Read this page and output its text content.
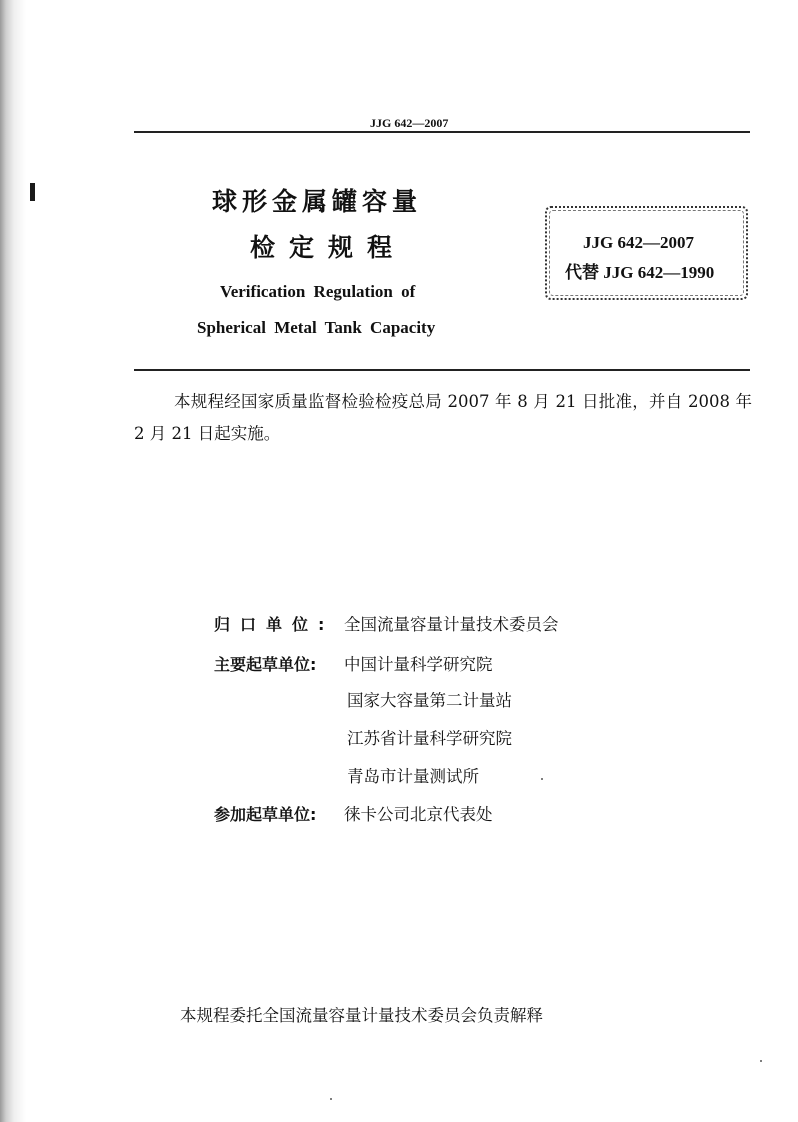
JJG 642—2007
球形金属罐容量
检定规程
Verification Regulation of
Spherical Metal Tank Capacity
JJG 642—2007
代替 JJG 642—1990
本规程经国家质量监督检验检疫总局 2007 年 8 月 21 日批准，并自 2008 年 2 月 21 日起实施。
归口单位: 全国流量容量计量技术委员会
主要起草单位: 中国计量科学研究院
国家大容量第二计量站
江苏省计量科学研究院
青岛市计量测试所
参加起草单位: 徕卡公司北京代表处
本规程委托全国流量容量计量技术委员会负责解释
